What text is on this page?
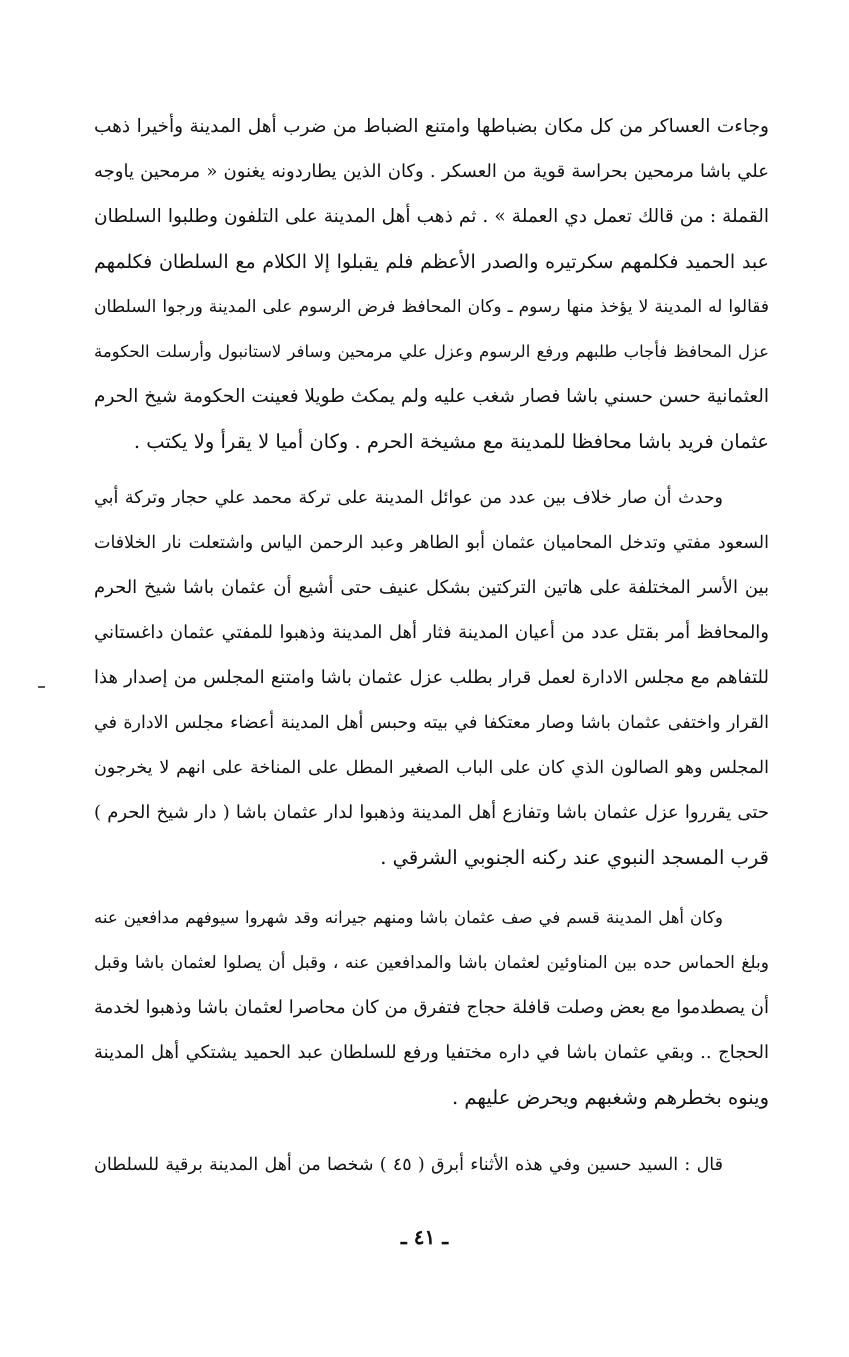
وجاءت العساكر من كل مكان بضباطها وامتنع الضباط من ضرب أهل المدينة وأخيرا ذهب
علي باشا مرمحين بحراسة قوية من العسكر . وكان الذين يطاردونه يغنون « مرمحين ياوجه
القملة : من قالك تعمل دي العملة » . ثم ذهب أهل المدينة على التلفون وطلبوا السلطان
عبد الحميد فكلمهم سكرتيره والصدر الأعظم فلم يقبلوا إلا الكلام مع السلطان فكلمهم
فقالوا له المدينة لا يؤخذ منها رسوم ـ وكان المحافظ فرض الرسوم على المدينة ورجوا السلطان
عزل المحافظ فأجاب طلبهم ورفع الرسوم وعزل علي مرمحين وسافر لاستانبول وأرسلت الحكومة
العثمانية حسن حسني باشا فصار شغب عليه ولم يمكث طويلا فعينت الحكومة شيخ الحرم
عثمان فريد باشا محافظا للمدينة مع مشيخة الحرم . وكان أميا لا يقرأ ولا يكتب .
وحدث أن صار خلاف بين عدد من عوائل المدينة على تركة محمد علي حجار وتركة أبي
السعود مفتي وتدخل المحاميان عثمان أبو الطاهر وعبد الرحمن الياس واشتعلت نار الخلافات
بين الأسر المختلفة على هاتين التركتين بشكل عنيف حتى أشيع أن عثمان باشا شيخ الحرم
والمحافظ أمر بقتل عدد من أعيان المدينة فثار أهل المدينة وذهبوا للمفتي عثمان داغستاني
للتفاهم مع مجلس الادارة لعمل قرار بطلب عزل عثمان باشا وامتنع المجلس من إصدار هذا
القرار واختفى عثمان باشا وصار معتكفا في بيته وحبس أهل المدينة أعضاء مجلس الادارة في
المجلس وهو الصالون الذي كان على الباب الصغير المطل على المناخة على انهم لا يخرجون
حتى يقرروا عزل عثمان باشا وتفازع أهل المدينة وذهبوا لدار عثمان باشا ( دار شيخ الحرم )
قرب المسجد النبوي عند ركنه الجنوبي الشرقي .
وكان أهل المدينة قسم في صف عثمان باشا ومنهم جيرانه وقد شهروا سيوفهم مدافعين عنه
وبلغ الحماس حده بين المناوئين لعثمان باشا والمدافعين عنه ، وقبل أن يصلوا لعثمان باشا وقبل
أن يصطدموا مع بعض وصلت قافلة حجاج فتفرق من كان محاصرا لعثمان باشا وذهبوا لخدمة
الحجاج .. وبقي عثمان باشا في داره مختفيا ورفع للسلطان عبد الحميد يشتكي أهل المدينة
وينوه بخطرهم وشغبهم ويحرض عليهم .
قال : السيد حسين وفي هذه الأثناء أبرق ( ٤٥ ) شخصا من أهل المدينة برقية للسلطان
ـ ٤١ ـ
